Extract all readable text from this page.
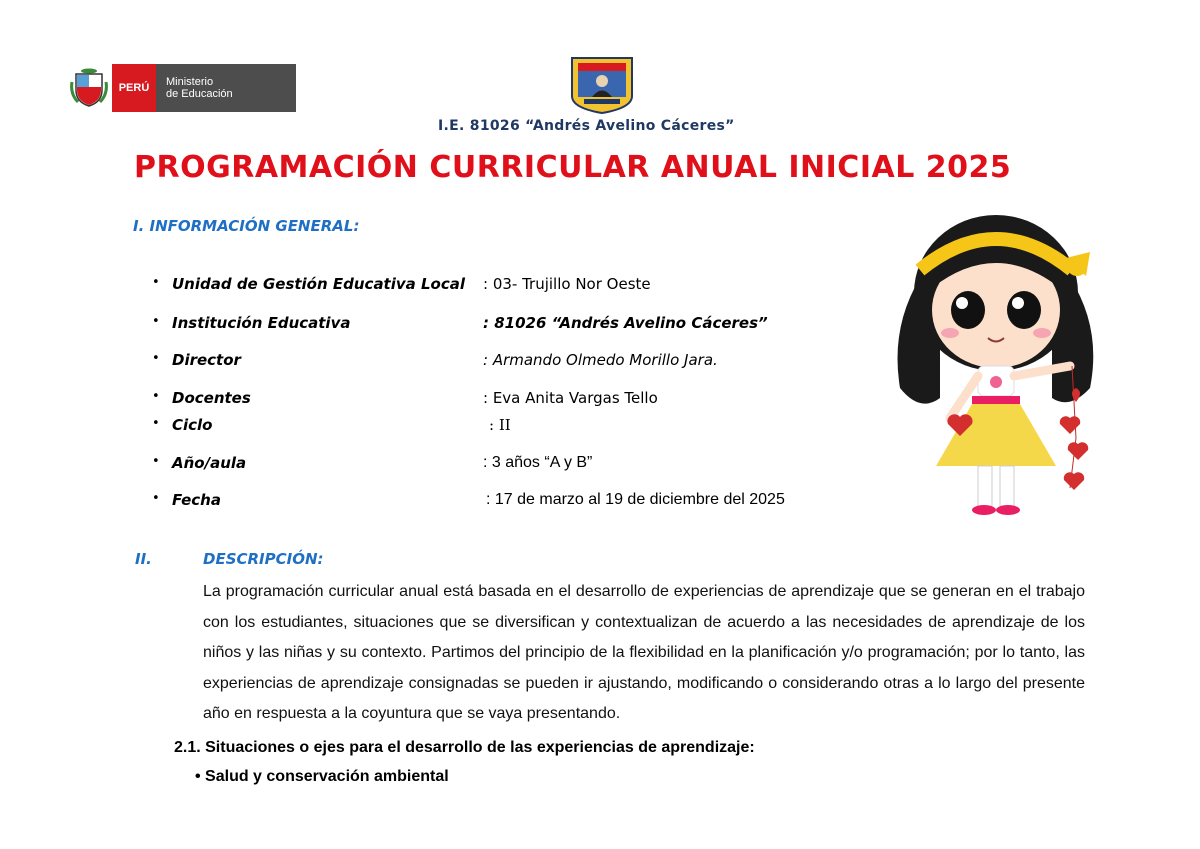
PERÚ	Ministerio
de Educación
I.E. 81026 “Andrés Avelino Cáceres”
PROGRAMACIÓN CURRICULAR ANUAL INICIAL 2025
I. INFORMACIÓN GENERAL:
• Unidad de Gestión Educativa Local : 03- Trujillo Nor Oeste
• Institución Educativa	: 81026 “Andrés Avelino Cáceres”
• Director	: Armando Olmedo Morillo Jara.
• Docentes	: Eva Anita Vargas Tello
• Ciclo	: II
• Año/aula	: 3 años “A y B”
• Fecha	: 17 de marzo al 19 de diciembre del 2025
II.	DESCRIPCIÓN:
La programación curricular anual está basada en el desarrollo de experiencias de aprendizaje que se generan en el trabajo con los estudiantes, situaciones que se diversifican y contextualizan de acuerdo a las necesidades de aprendizaje de los niños y las niñas y su contexto. Partimos del principio de la flexibilidad en la planificación y/o programación; por lo tanto, las experiencias de aprendizaje consignadas se pueden ir ajustando, modificando o considerando otras a lo largo del presente año en respuesta a la coyuntura que se vaya presentando.
2.1. Situaciones o ejes para el desarrollo de las experiencias de aprendizaje:
• Salud y conservación ambiental
